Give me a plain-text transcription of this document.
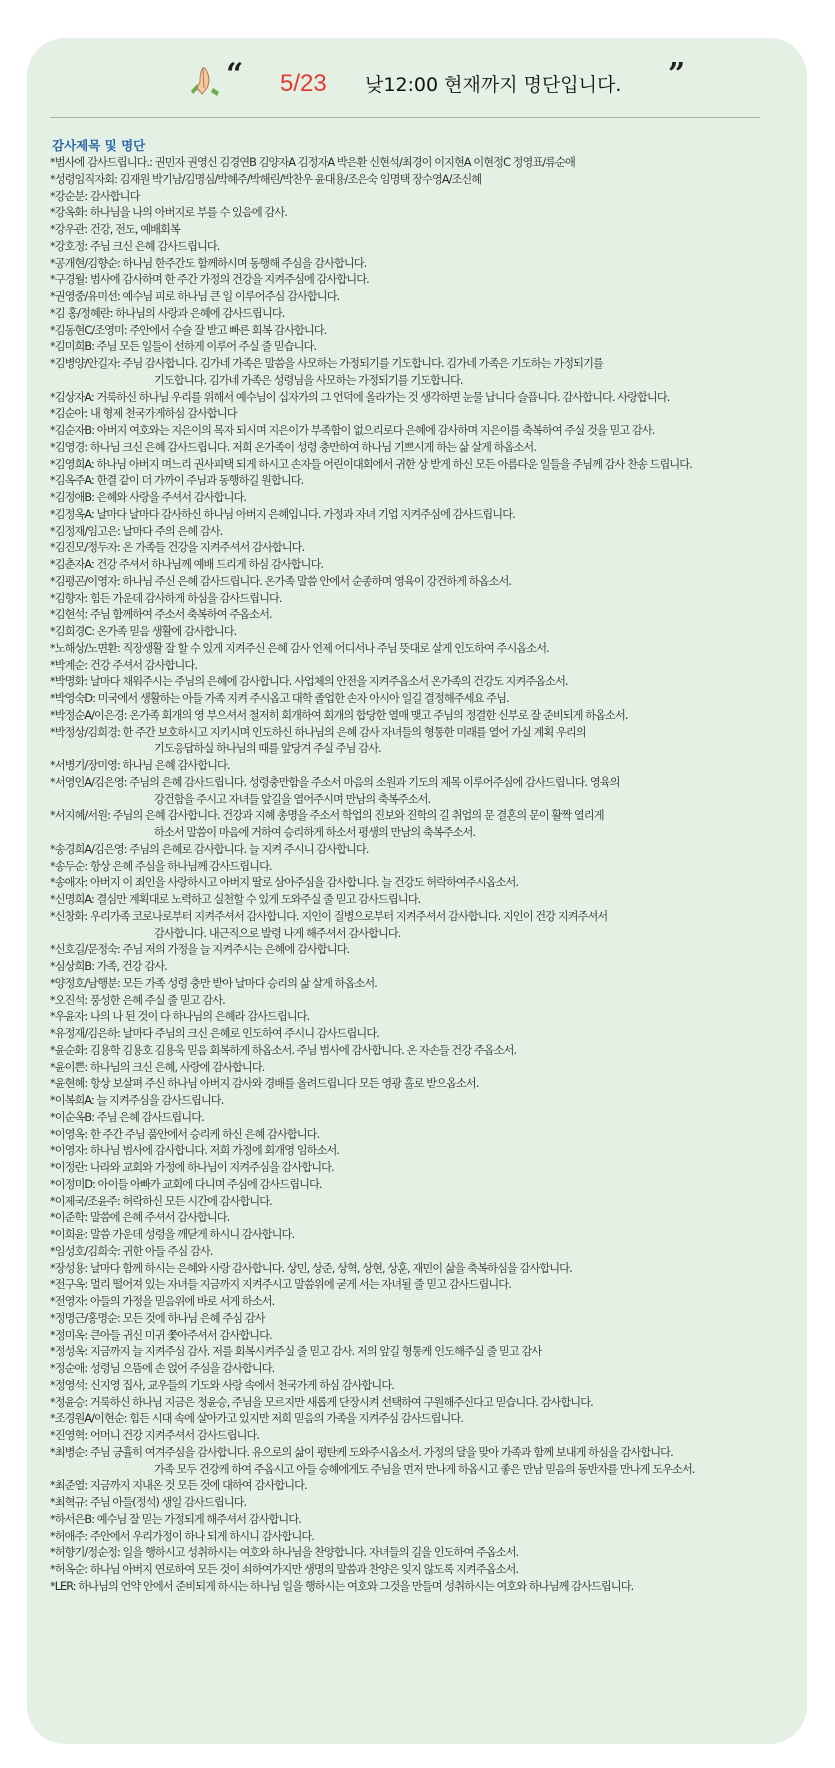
“ 5/23 낮12:00 현재까지 명단입니다. ”
감사제목 및 명단
*범사에 감사드립니다.: 권민자 권영신 김경연B 김양자A 김정자A 박은환 신현석/최경이 이지현A 이현정C 정영표/류순애
*성령임직자회: 김재원 박기남/김명심/박혜주/박해린/박찬우 윤대용/조은숙 임명택 장수영A/조신혜
*강순분: 감사합니다
*강옥화: 하나님을 나의 아버지로 부를 수 있음에 감사.
*강우관: 건강, 전도, 예배회복
*강호정: 주님 크신 은혜 감사드립니다.
*공개현/김향순: 하나님 한주간도 함께하시며 동행해 주심을 감사합니다.
*구경월: 범사에 감사하며 한 주간 가정의 건강을 지켜주심에 감사합니다.
*권영중/유미선: 예수님 피로 하나님 큰 일 이루어주심 감사합니다.
*김 홍/정혜란: 하나님의 사랑과 은혜에 감사드립니다.
*김동현C/조영미: 주안에서 수술 잘 받고 빠른 회복 감사합니다.
*김미희B: 주님 모든 일들이 선하게 이루어 주실 줄 믿습니다.
*김병양/안길자: 주님 감사합니다. 김가네 가족은 말씀을 사모하는 가정되기를 기도합니다. 김가네 가족은 기도하는 가정되기를
기도합니다. 김가네 가족은 성령님을 사모하는 가정되기를 기도합니다.
*김상자A: 거룩하신 하나님 우리를 위해서 예수님이 십자가의 그 언덕에 올라가는 것 생각하면 눈물 납니다 슬픕니다. 감사합니다. 사랑합니다.
*김순아: 내 형제 천국가게하심 감사합니다
*김순자B: 아버지 여호와는 지은이의 목자 되시며 지은이가 부족함이 없으리로다 은혜에 감사하며 지은이를 축복하여 주실 것을 믿고 감사.
*김영경: 하나님 크신 은혜 감사드립니다. 저희 온가족이 성령 충만하여 하나님 기쁘시게 하는 삶 살게 하옵소서.
*김영희A: 하나님 아버지 며느리 권사피택 되게 하시고 손자들 어린이대회에서 귀한 상 받게 하신 모든 아름다운 일들을 주님께 감사 찬송 드립니다.
*김옥주A: 한결 같이 더 가까이 주님과 동행하길 원합니다.
*김정애B: 은혜와 사랑을 주셔서 감사합니다.
*김정옥A: 날마다 날마다 감사하신 하나님 아버지 은혜입니다. 가정과 자녀 기업 지켜주심에 감사드립니다.
*김정재/임고은: 날마다 주의 은혜 감사.
*김진모/정두자: 온 가족들 건강을 지켜주셔서 감사합니다.
*김춘자A: 건강 주셔서 하나님께 예배 드리게 하심 감사합니다.
*김평곤/이영자: 하나님 주신 은혜 감사드립니다. 온가족 말씀 안에서 순종하며 영육이 강건하게 하옵소서.
*김향자: 힘든 가운데 감사하게 하심을 감사드립니다.
*김현석: 주님 함께하여 주소서 축복하여 주옵소서.
*김희경C: 온가족 믿음 생활에 감사합니다.
*노해상/노면환: 직장생활 잘 할 수 있게 지켜주신 은혜 감사 언제 어디서나 주님 뜻대로 살게 인도하여 주시옵소서.
*박계순: 건강 주셔서 감사합니다.
*박명화: 날마다 채워주시는 주님의 은혜에 감사합니다. 사업체의 안전을 지켜주옵소서 온가족의 건강도 지켜주옵소서.
*박영숙D: 미국에서 생활하는 아들 가족 지켜 주시옵고 대학 졸업한 손자 아시아 일길 결정해주세요 주님.
*박정순A/이은경: 온가족 회개의 영 부으셔서 철저히 회개하여 회개의 합당한 열매 맺고 주님의 정결한 신부로 잘 준비되게 하옵소서.
*박정상/김희경: 한 주간 보호하시고 지키시며 인도하신 하나님의 은혜 감사 자녀들의 형통한 미래를 열어 가실 계획 우리의
기도응답하실 하나님의 때를 앞당겨 주실 주님 감사.
*서병기/장미영: 하나님 은혜 감사합니다.
*서영인A/김은영: 주님의 은혜 감사드립니다. 성령충만함을 주소서 마음의 소원과 기도의 제목 이루어주심에 감사드립니다. 영육의
강건함을 주시고 자녀들 앞길을 열어주시며 만남의 축복주소서.
*서지혜/서원: 주님의 은혜 감사합니다. 건강과 지혜 총명을 주소서 학업의 진보와 진학의 길 취업의 문 결혼의 문이 활짝 열리게
하소서 말씀이 마음에 거하여 승리하게 하소서 평생의 만남의 축복주소서.
*송경희A/김은영: 주님의 은혜로 감사합니다. 늘 지켜 주시니 감사합니다.
*송두순: 항상 은혜 주심을 하나님께 감사드립니다.
*송애자: 아버지 이 죄인을 사랑하시고 아버지 딸로 삼아주심을 감사합니다. 늘 건강도 허락하여주시옵소서.
*신명희A: 결심만 계획대로 노력하고 실천할 수 있게 도와주실 줄 믿고 감사드립니다.
*신창화: 우리가족 코로나로부터 지켜주셔서 감사합니다. 지인이 질병으로부터 지켜주셔서 감사합니다. 지인이 건강 지켜주셔서
감사합니다. 내근직으로 발령 나게 해주셔서 감사합니다.
*신호길/문정숙: 주님 저의 가정을 늘 지켜주시는 은혜에 감사합니다.
*심상희B: 가족, 건강 감사.
*양정호/남행분: 모든 가족 성령 충만 받아 날마다 승리의 삶 살게 하옵소서.
*오진석: 풍성한 은혜 주실 줄 믿고 감사.
*우윤자: 나의 나 된 것이 다 하나님의 은혜라 감사드립니다.
*유정재/김은하: 날마다 주님의 크신 은혜로 인도하여 주시니 감사드립니다.
*윤순화: 김용학 김용호 김용욱 믿음 회복하게 하옵소서. 주님 범사에 감사합니다. 온 자손들 건강 주옵소서.
*윤이쁜: 하나님의 크신 은혜, 사랑에 감사합니다.
*윤현혜: 항상 보살펴 주신 하나님 아버지 감사와 경배를 올려드립니다 모든 영광 홀로 받으옵소서.
*이복희A: 늘 지켜주심을 감사드립니다.
*이순옥B: 주님 은혜 감사드립니다.
*이영옥: 한 주간 주님 품안에서 승리케 하신 은혜 감사합니다.
*이영자: 하나님 범사에 감사합니다. 저희 가정에 회개영 임하소서.
*이정란: 나라와 교회와 가정에 하나님이 지켜주심을 감사합니다.
*이정미D: 아이들 아빠가 교회에 다니며 주심에 감사드립니다.
*이제국/조윤주: 허락하신 모든 시간에 감사합니다.
*이준학: 말씀에 은혜 주셔서 감사합니다.
*이희윤: 말씀 가운데 성령을 깨닫게 하시니 감사합니다.
*임성호/김희숙: 귀한 아들 주심 감사.
*장성용: 날마다 함께 하시는 은혜와 사랑 감사합니다. 상민, 상준, 상혁, 상현, 상훈, 재민이 삶을 축복하심을 감사합니다.
*전구옥: 멀리 떨어져 있는 자녀들 지금까지 지켜주시고 말씀위에 굳게 서는 자녀될 줄 믿고 감사드립니다.
*전영자: 아들의 가정을 믿음위에 바로 서게 하소서.
*정명근/홍명순: 모든 것에 하나님 은혜 주심 감사
*정미옥: 큰아들 귀신 미귀 쫓아주셔서 감사합니다.
*정성옥: 지금까지 늘 지켜주심 감사. 저를 회복시켜주실 줄 믿고 감사. 저의 앞길 형통케 인도해주실 줄 믿고 감사
*정순애: 성령님 으뜸에 손 얹어 주심을 감사합니다.
*정영석: 신지영 집사, 교우들의 기도와 사랑 속에서 천국가게 하심 감사합니다.
*정윤승: 거룩하신 하나님 지금은 정윤승, 주님을 모르지만 새롭게 단장시켜 선택하여 구원해주신다고 믿습니다. 감사합니다.
*조경원A/이현순: 힘든 시대 속에 살아가고 있지만 저희 믿음의 가족을 지켜주심 감사드립니다.
*진영혁: 어머니 건강 지켜주셔서 감사드립니다.
*최병순: 주님 긍휼히 여겨주심을 감사합니다. 유으로의 삶이 평탄케 도와주시옵소서. 가정의 달을 맞아 가족과 함께 보내게 하심을 감사합니다.
가족 모두 건강케 하여 주옵시고 아들 승혜에게도 주님을 먼저 만나게 하옵시고 좋은 만남 믿음의 동반자를 만나게 도우소서.
*최준열: 지금까지 지내온 것 모든 것에 대하여 감사합니다.
*최혁규: 주님 아들(정석) 생일 감사드립니다.
*하서은B: 예수님 잘 믿는 가정되게 해주셔서 감사합니다.
*허애주: 주안에서 우리가정이 하나 되게 하시니 감사합니다.
*허향기/정순정: 일을 행하시고 성취하시는 여호와 하나님을 찬양합니다. 자녀들의 길을 인도하여 주옵소서.
*허옥순: 하나님 아버지 연로하여 모든 것이 쇠하여가지만 생명의 말씀과 찬양은 잊지 않도록 지켜주옵소서.
*LER: 하나님의 언약 안에서 준비되게 하시는 하나님 일을 행하시는 여호와 그것을 만들며 성취하시는 여호와 하나님께 감사드립니다.
